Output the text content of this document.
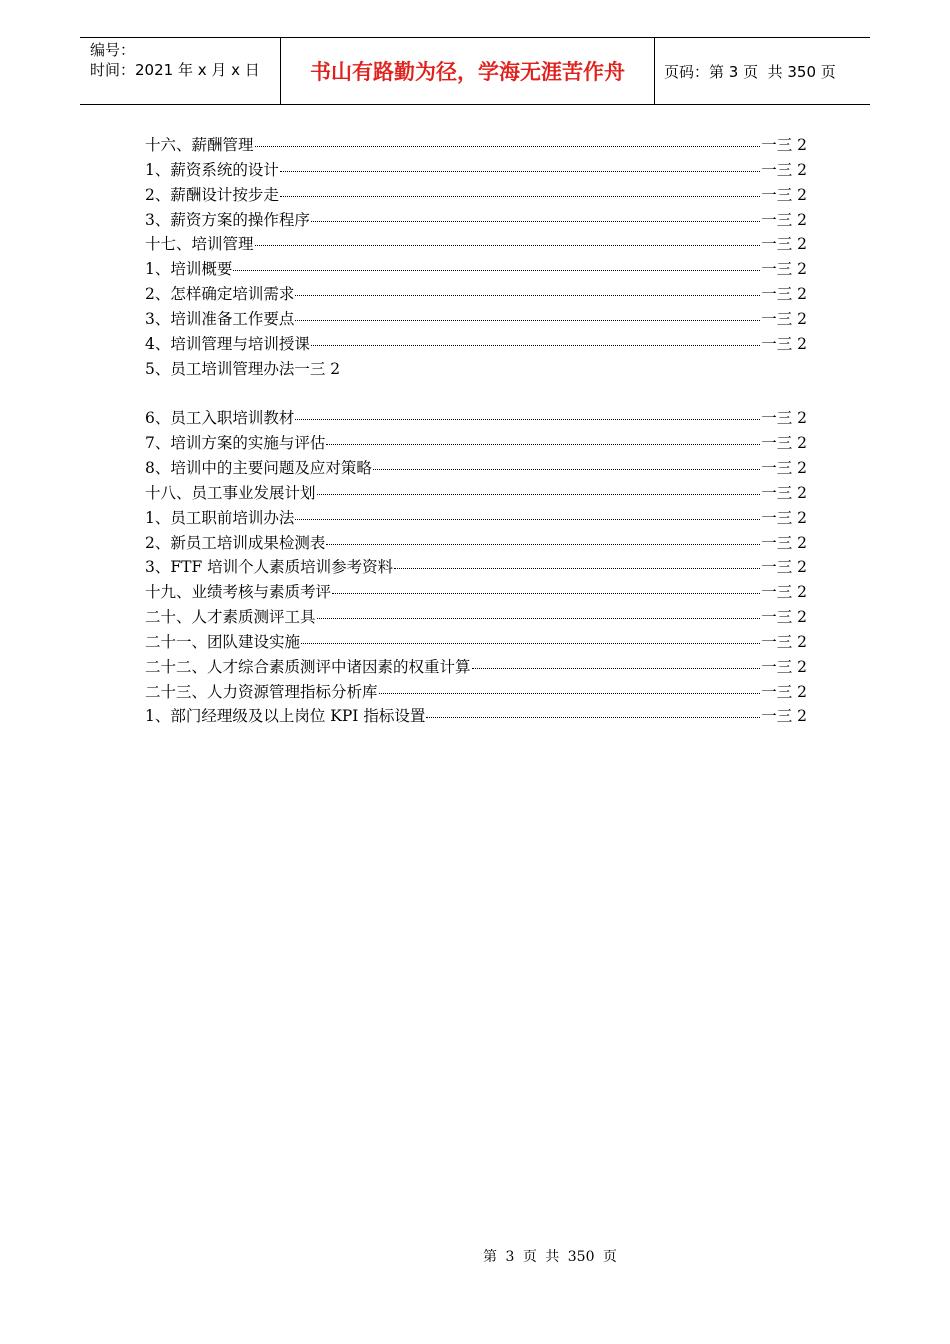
编号：
时间：2021 年 x 月 x 日	书山有路勤为径，学海无涯苦作舟	页码：第 3 页  共 350 页
十六、薪酬管理	一三 2
1、薪资系统的设计	一三 2
2、薪酬设计按步走	一三 2
3、薪资方案的操作程序	一三 2
十七、培训管理	一三 2
1、培训概要	一三 2
2、怎样确定培训需求	一三 2
3、培训准备工作要点	一三 2
4、培训管理与培训授课	一三 2
5、员工培训管理办法 一三 2
6、员工入职培训教材	一三 2
7、培训方案的实施与评估	一三 2
8、培训中的主要问题及应对策略	一三 2
十八、员工事业发展计划	一三 2
1、员工职前培训办法	一三 2
2、新员工培训成果检测表	一三 2
3、FTF 培训个人素质培训参考资料	一三 2
十九、业绩考核与素质考评	一三 2
二十、人才素质测评工具	一三 2
二十一、团队建设实施	一三 2
二十二、人才综合素质测评中诸因素的权重计算	一三 2
二十三、人力资源管理指标分析库	一三 2
1、部门经理级及以上岗位 KPI 指标设置	一三 2
第 3 页 共 350 页
